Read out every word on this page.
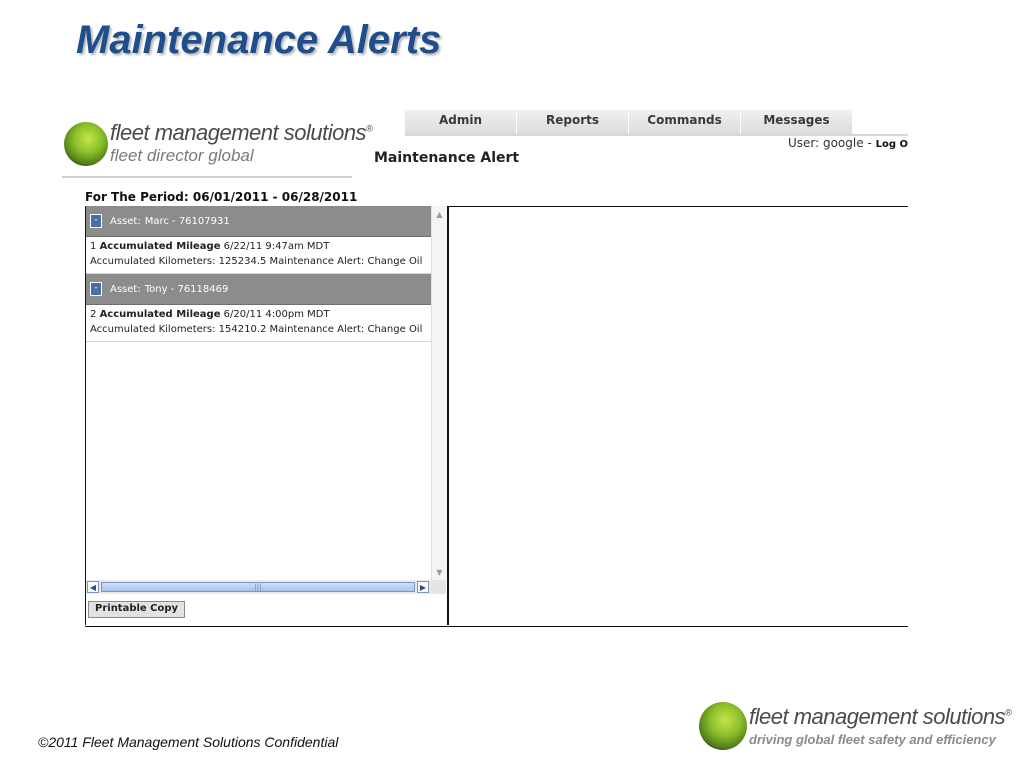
Maintenance Alerts
fleet management solutions®
fleet director global
Admin	Reports	Commands	Messages
Maintenance Alert
User: google - Log O
For The Period: 06/01/2011 - 06/28/2011
-	Asset: Marc - 76107931
1 Accumulated Mileage 6/22/11 9:47am MDT
Accumulated Kilometers: 125234.5 Maintenance Alert: Change Oil
-	Asset: Tony - 76118469
2 Accumulated Mileage 6/20/11 4:00pm MDT
Accumulated Kilometers: 154210.2 Maintenance Alert: Change Oil
▲
▼
◀	|||	▶
Printable Copy
©2011 Fleet Management Solutions Confidential
fleet management solutions®
driving global fleet safety and efficiency
